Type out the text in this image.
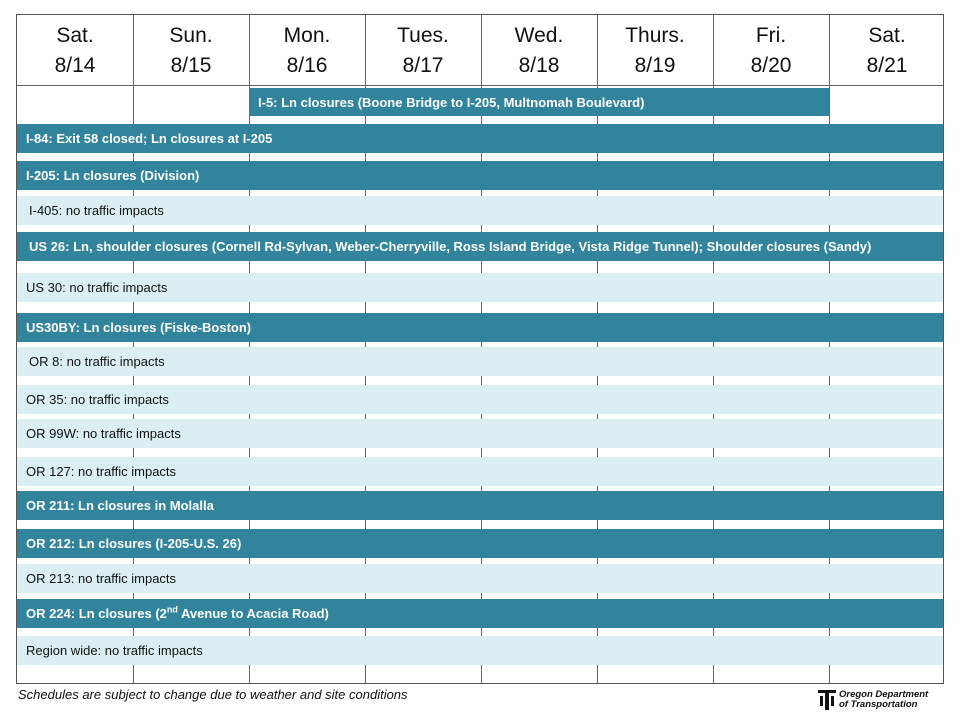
Sat.
8/14
Sun.
8/15
Mon.
8/16
Tues.
8/17
Wed.
8/18
Thurs.
8/19
Fri.
8/20
Sat.
8/21
I-5: Ln closures (Boone Bridge to I-205, Multnomah Boulevard)
I-84: Exit 58 closed; Ln closures at I-205
I-205: Ln closures (Division)
I-405: no traffic impacts
US 26: Ln, shoulder closures (Cornell Rd-Sylvan, Weber-Cherryville, Ross Island Bridge, Vista Ridge Tunnel); Shoulder closures (Sandy)
US 30: no traffic impacts
US30BY: Ln closures (Fiske-Boston)
OR 8: no traffic impacts
OR 35: no traffic impacts
OR 99W: no traffic impacts
OR 127: no traffic impacts
OR 211: Ln closures in Molalla
OR 212: Ln closures (I-205-U.S. 26)
OR 213: no traffic impacts
OR 224: Ln closures (2nd Avenue to Acacia Road)
Region wide: no traffic impacts
Schedules are subject to change due to weather and site conditions	Oregon Department
of Transportation
